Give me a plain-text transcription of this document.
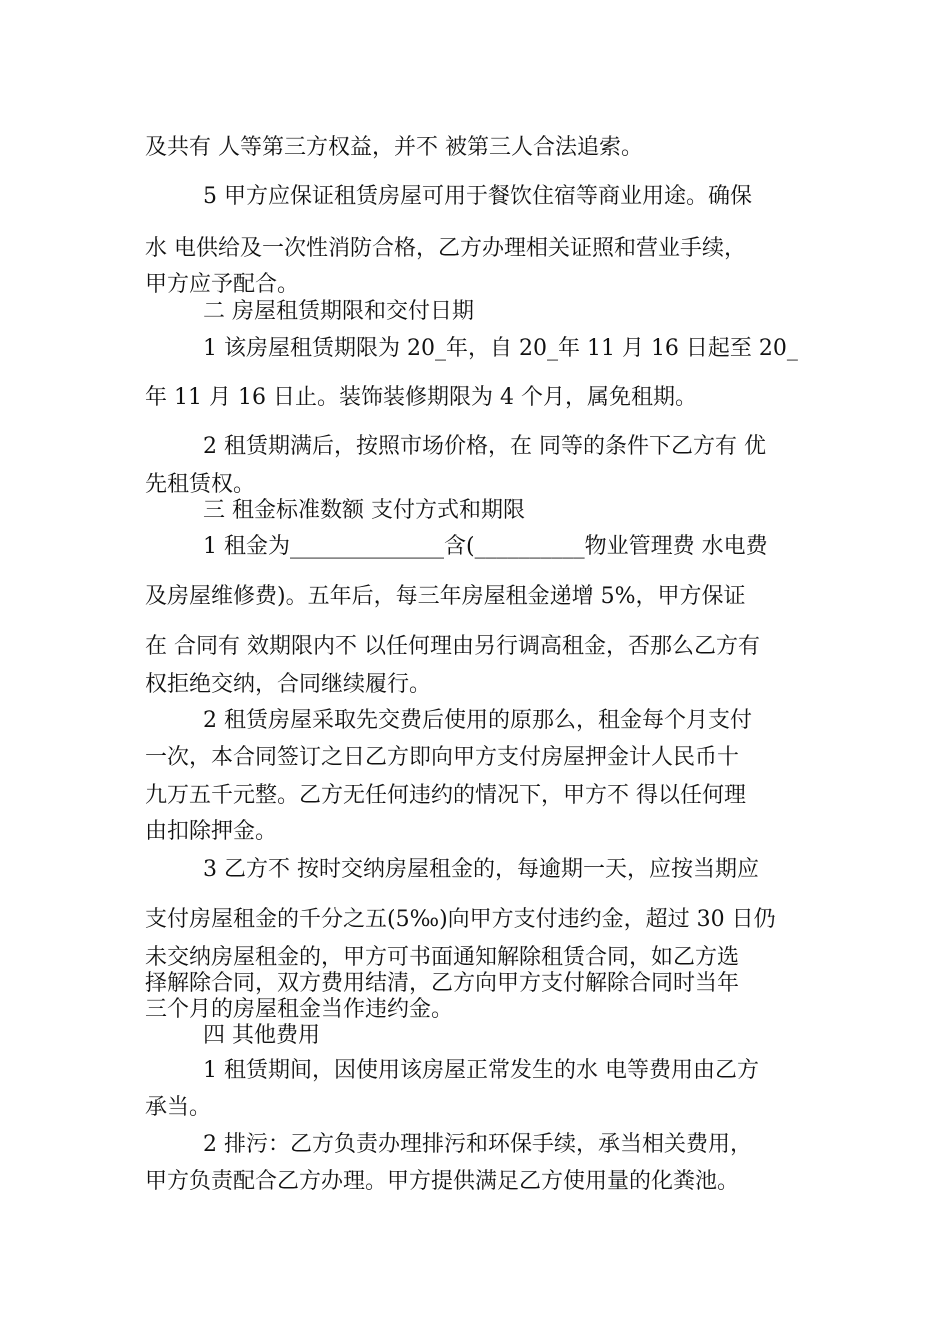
及共有 人等第三方权益，并不 被第三人合法追索。
5 甲方应保证租赁房屋可用于餐饮住宿等商业用途。确保
水 电供给及一次性消防合格，乙方办理相关证照和营业手续，
甲方应予配合。
二 房屋租赁期限和交付日期
1 该房屋租赁期限为 20_年，自 20_年 11 月 16 日起至 20_
年 11 月 16 日止。装饰装修期限为 4 个月，属免租期。
2 租赁期满后，按照市场价格，在 同等的条件下乙方有 优
先租赁权。
三 租金标准数额 支付方式和期限
1 租金为______________含(__________物业管理费 水电费
及房屋维修费)。五年后，每三年房屋租金递增 5%，甲方保证
在 合同有 效期限内不 以任何理由另行调高租金，否那么乙方有
权拒绝交纳，合同继续履行。
2 租赁房屋采取先交费后使用的原那么，租金每个月支付
一次，本合同签订之日乙方即向甲方支付房屋押金计人民币十
九万五千元整。乙方无任何违约的情况下，甲方不 得以任何理
由扣除押金。
3 乙方不 按时交纳房屋租金的，每逾期一天，应按当期应
支付房屋租金的千分之五(5‰)向甲方支付违约金，超过 30 日仍
未交纳房屋租金的，甲方可书面通知解除租赁合同，如乙方选
择解除合同，双方费用结清，乙方向甲方支付解除合同时当年
三个月的房屋租金当作违约金。
四 其他费用
1 租赁期间，因使用该房屋正常发生的水 电等费用由乙方
承当。
2 排污：乙方负责办理排污和环保手续，承当相关费用，
甲方负责配合乙方办理。甲方提供满足乙方使用量的化粪池。
